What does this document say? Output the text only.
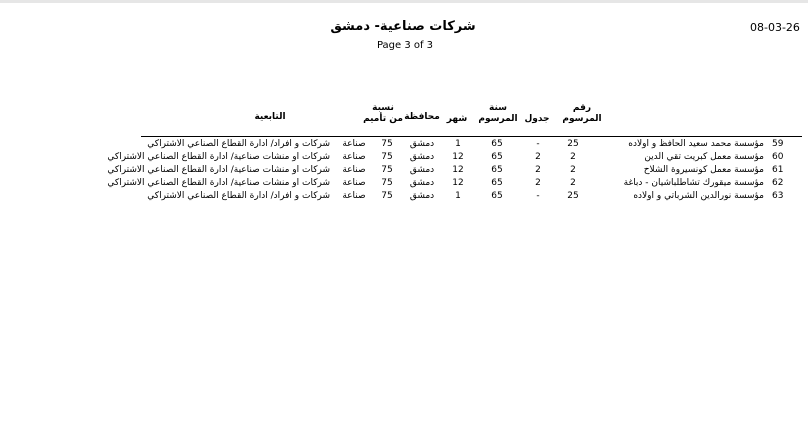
08-03-26
شركات صناعية- دمشق
Page 3 of 3
رقم
المرسوم
جدول
سنة
المرسوم
شهر
محافظة
نسبة
من تأميم
التابعية
59
مؤسسة محمد سعيد الحافظ و اولاده
25
-
65
1
دمشق
75
صناعة
شركات و افراد/ ادارة القطاع الصناعي الاشتراكي
60
مؤسسة معمل كبريت تقي الدين
2
2
65
12
دمشق
75
صناعة
شركات او منشات صناعية/ ادارة القطاع الصناعي الاشتراكي
61
مؤسسة معمل كونسيروة الشلاح
2
2
65
12
دمشق
75
صناعة
شركات او منشات صناعية/ ادارة القطاع الصناعي الاشتراكي
62
مؤسسة ميقورك تشاطلباشيان - دباغة
2
2
65
12
دمشق
75
صناعة
شركات او منشات صناعية/ ادارة القطاع الصناعي الاشتراكي
63
مؤسسة نورالدين الشرباتي و اولاده
25
-
65
1
دمشق
75
صناعة
شركات و افراد/ ادارة القطاع الصناعي الاشتراكي
